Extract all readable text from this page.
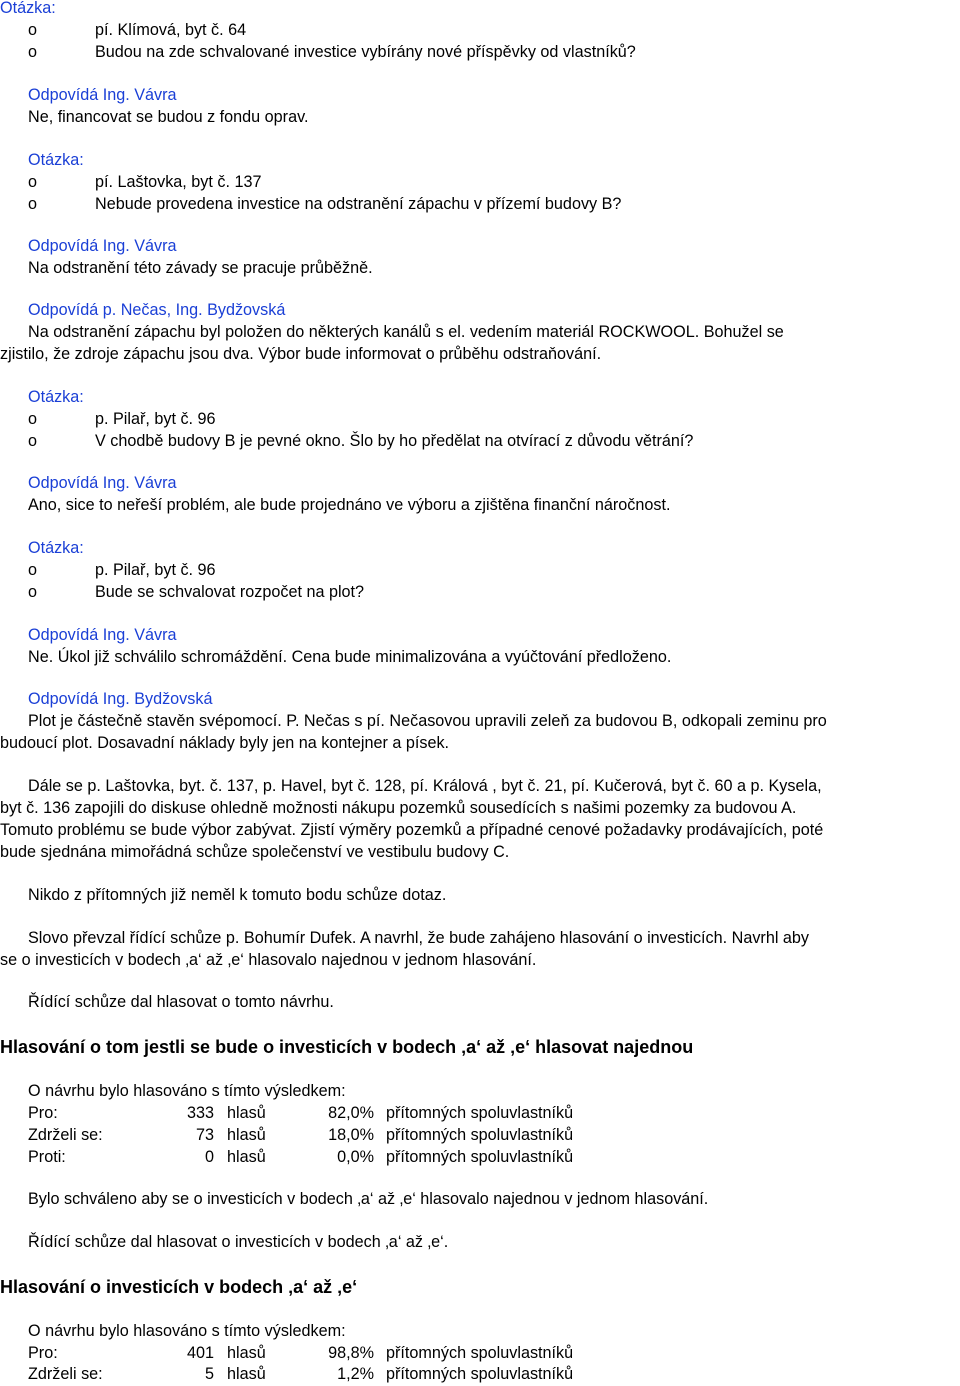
Otázka:
o	pí. Klímová, byt č. 64
o	Budou na zde schvalované investice vybírány nové příspěvky od vlastníků?
Odpovídá Ing. Vávra
Ne, financovat se budou z fondu oprav.
Otázka:
o	pí. Laštovka, byt č. 137
o	Nebude provedena investice na odstranění zápachu v přízemí budovy B?
Odpovídá Ing. Vávra
Na odstranění této závady se pracuje průběžně.
Odpovídá p. Nečas, Ing. Bydžovská
Na odstranění zápachu byl položen do některých kanálů s el. vedením materiál ROCKWOOL. Bohužel se
zjistilo, že zdroje zápachu jsou dva. Výbor bude informovat o průběhu odstraňování.
Otázka:
o	p. Pilař, byt č. 96
o	V chodbě budovy B je pevné okno. Šlo by ho předělat na otvírací z důvodu větrání?
Odpovídá Ing. Vávra
Ano, sice to neřeší problém, ale bude projednáno ve výboru a zjištěna finanční náročnost.
Otázka:
o	p. Pilař, byt č. 96
o	Bude se schvalovat rozpočet na plot?
Odpovídá Ing. Vávra
Ne. Úkol již schválilo schromáždění. Cena bude minimalizována a vyúčtování předloženo.
Odpovídá Ing. Bydžovská
Plot je částečně stavěn svépomocí. P. Nečas s pí. Nečasovou upravili zeleň za budovou B, odkopali zeminu pro
budoucí plot. Dosavadní náklady byly jen na kontejner a písek.
Dále se p. Laštovka, byt. č. 137, p. Havel, byt č. 128, pí. Králová , byt č. 21, pí. Kučerová, byt č. 60 a p. Kysela,
byt č. 136 zapojili do diskuse ohledně možnosti nákupu pozemků sousedících s našimi pozemky za budovou A.
Tomuto problému se bude výbor zabývat. Zjistí výměry pozemků a případné cenové požadavky prodávajících, poté
bude sjednána mimořádná schůze společenství ve vestibulu budovy C.
Nikdo z přítomných již neměl k tomuto bodu schůze dotaz.
Slovo převzal řídící schůze p. Bohumír Dufek. A navrhl, že bude zahájeno hlasování o investicích. Navrhl aby
se o investicích v bodech ‚a‘ až ‚e‘ hlasovalo najednou v jednom hlasování.
Řídící schůze dal hlasovat o tomto návrhu.
Hlasování o tom jestli se bude o investicích v bodech ‚a‘ až ‚e‘ hlasovat najednou
O návrhu bylo hlasováno s tímto výsledkem:
Pro:	333 hlasů	82,0% přítomných spoluvlastníků
Zdrželi se:	73 hlasů	18,0% přítomných spoluvlastníků
Proti:	0 hlasů	0,0% přítomných spoluvlastníků
Bylo schváleno aby se o investicích v bodech ‚a‘ až ‚e‘ hlasovalo najednou v jednom hlasování.
Řídící schůze dal hlasovat o investicích v bodech ‚a‘ až ‚e‘.
Hlasování o investicích v bodech ‚a‘ až ‚e‘
O návrhu bylo hlasováno s tímto výsledkem:
Pro:	401 hlasů	98,8% přítomných spoluvlastníků
Zdrželi se:	5 hlasů	1,2% přítomných spoluvlastníků
